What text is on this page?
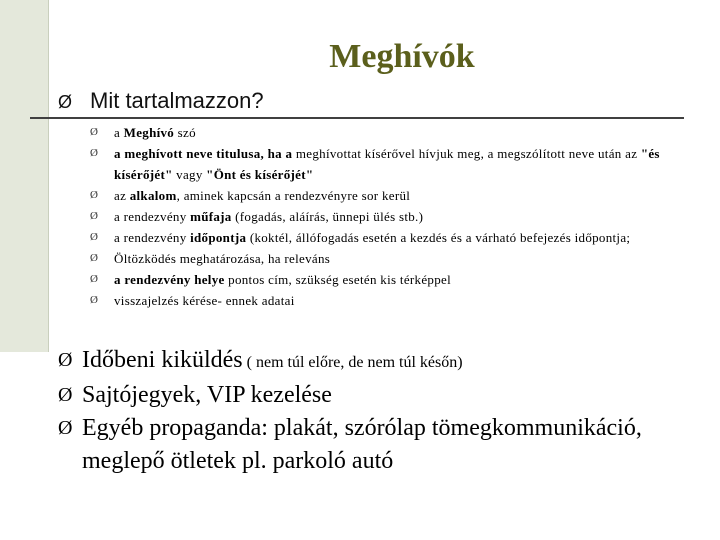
Meghívók
Ø Mit tartalmazzon?
Ø	a Meghívó szó
Ø	a meghívott neve titulusa, ha a meghívottat kísérővel hívjuk meg, a megszólított neve után az "és kísérőjét" vagy "Önt és kísérőjét"
Ø	az alkalom, aminek kapcsán a rendezvényre sor kerül
Ø	a rendezvény műfaja (fogadás, aláírás, ünnepi ülés stb.)
Ø	a rendezvény időpontja (koktél, állófogadás esetén a kezdés és a várható befejezés időpontja;
Ø	Öltözködés meghatározása, ha releváns
Ø	a rendezvény helye pontos cím, szükség esetén kis térképpel
Ø	visszajelzés kérése- ennek adatai
Ø Időbeni kiküldés ( nem túl előre, de nem túl későn)
Ø Sajtójegyek, VIP kezelése
Ø Egyéb propaganda: plakát, szórólap tömegkommunikáció, meglepő ötletek pl. parkoló autó
